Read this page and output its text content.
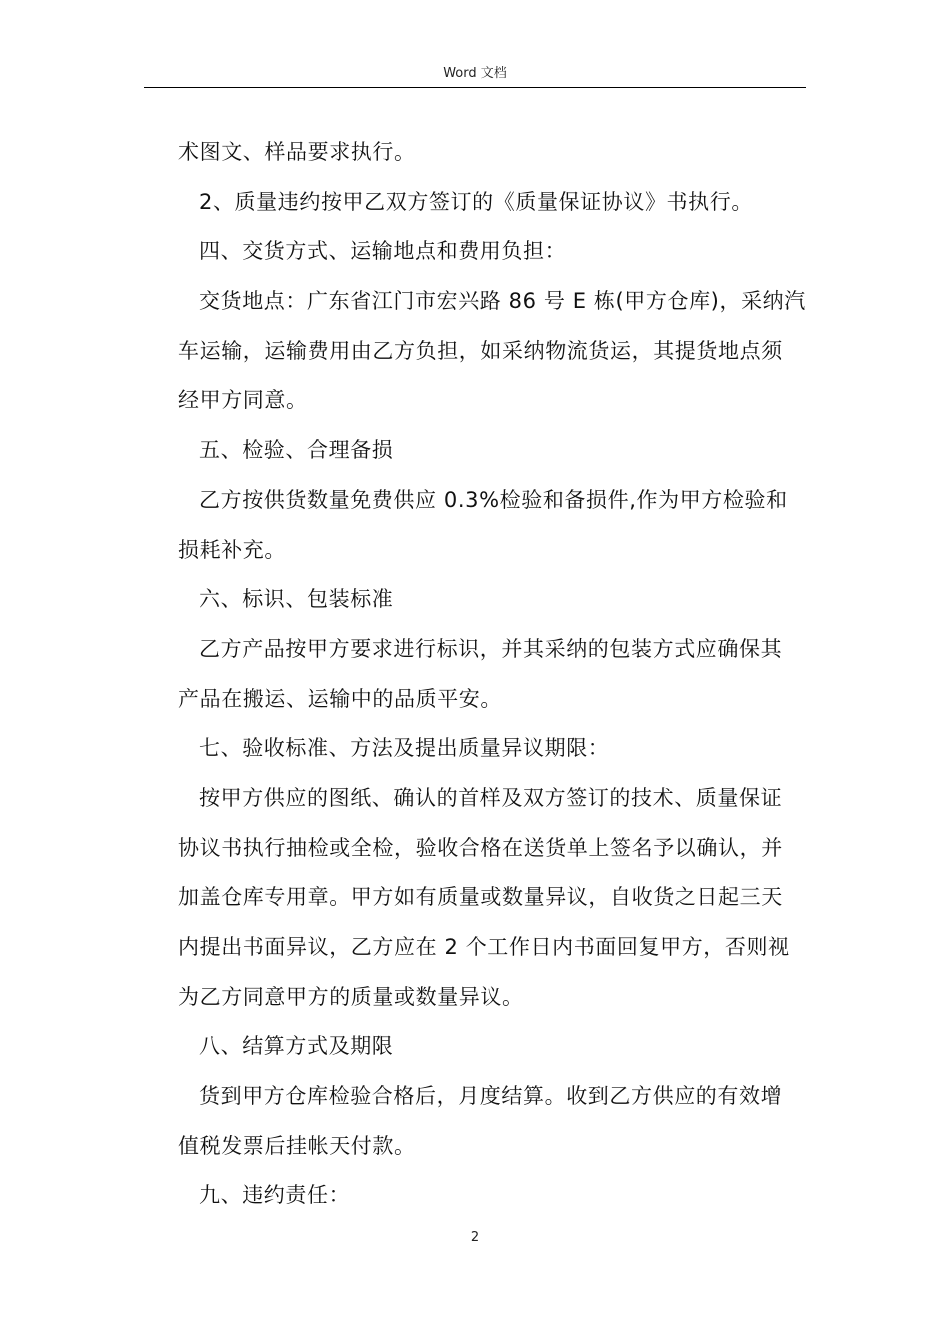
Word 文档
术图文、样品要求执行。
2、质量违约按甲乙双方签订的《质量保证协议》书执行。
四、交货方式、运输地点和费用负担：
交货地点：广东省江门市宏兴路 86 号 E 栋(甲方仓库)，采纳汽
车运输，运输费用由乙方负担，如采纳物流货运，其提货地点须
经甲方同意。
五、检验、合理备损
乙方按供货数量免费供应 0.3%检验和备损件,作为甲方检验和
损耗补充。
六、标识、包装标准
乙方产品按甲方要求进行标识，并其采纳的包装方式应确保其
产品在搬运、运输中的品质平安。
七、验收标准、方法及提出质量异议期限：
按甲方供应的图纸、确认的首样及双方签订的技术、质量保证
协议书执行抽检或全检，验收合格在送货单上签名予以确认，并
加盖仓库专用章。甲方如有质量或数量异议，自收货之日起三天
内提出书面异议，乙方应在 2 个工作日内书面回复甲方，否则视
为乙方同意甲方的质量或数量异议。
八、结算方式及期限
货到甲方仓库检验合格后，月度结算。收到乙方供应的有效增
值税发票后挂帐天付款。
九、违约责任：
2
